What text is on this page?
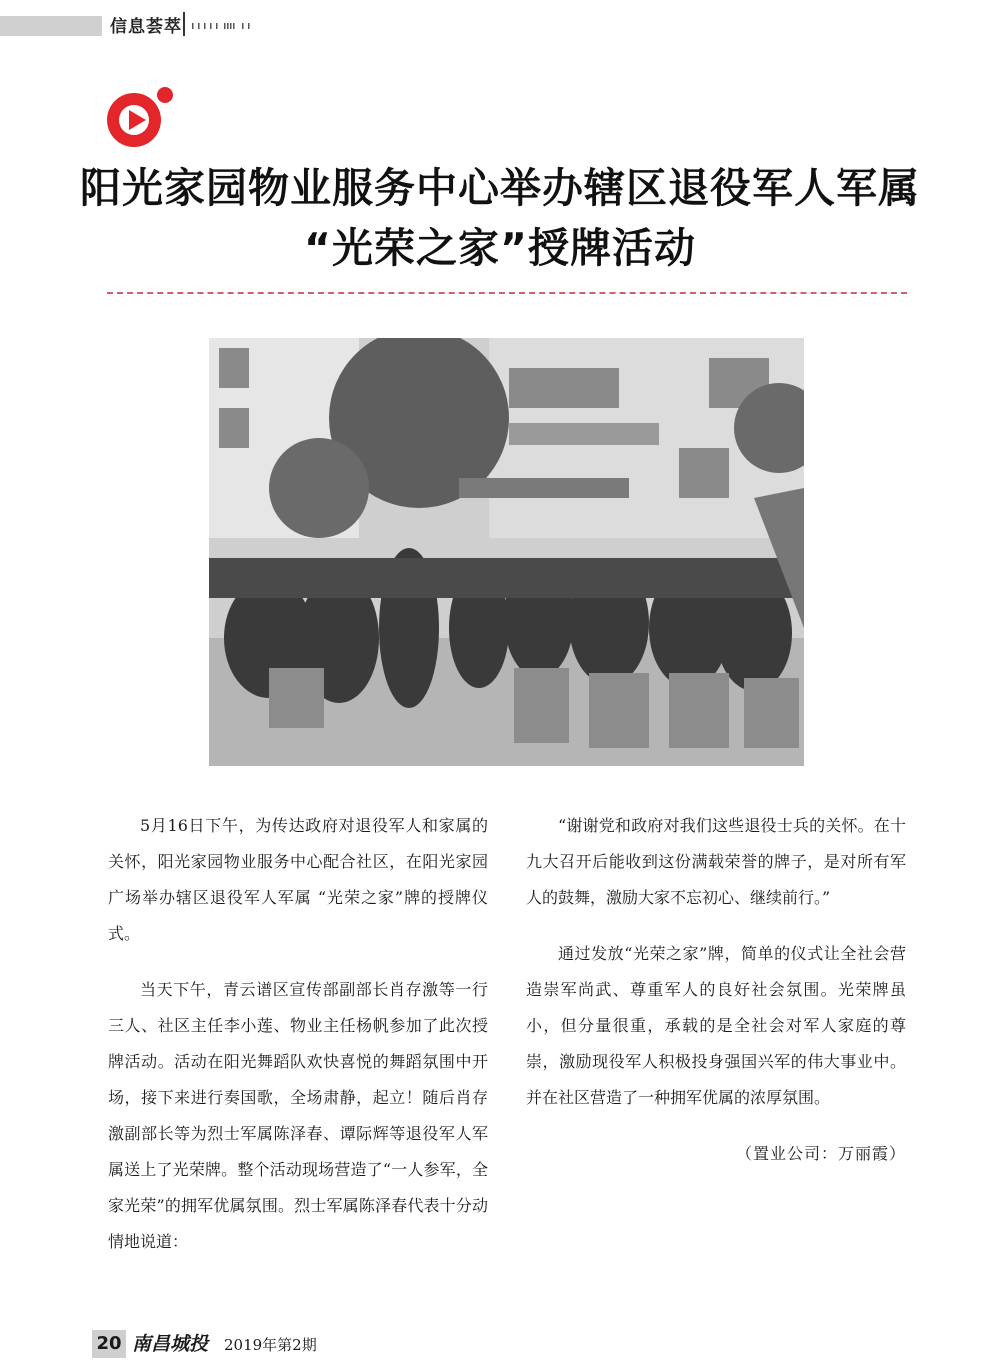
信息荟萃
阳光家园物业服务中心举办辖区退役军人军属
“光荣之家”授牌活动

5月16日下午，为传达政府对退役军人和家属的关怀，阳光家园物业服务中心配合社区，在阳光家园广场举办辖区退役军人军属 “光荣之家”牌的授牌仪式。

当天下午，青云谱区宣传部副部长肖存激等一行三人、社区主任李小莲、物业主任杨帆参加了此次授牌活动。活动在阳光舞蹈队欢快喜悦的舞蹈氛围中开场，接下来进行奏国歌，全场肃静，起立！随后肖存激副部长等为烈士军属陈泽春、谭际辉等退役军人军属送上了光荣牌。整个活动现场营造了“一人参军，全家光荣”的拥军优属氛围。烈士军属陈泽春代表十分动情地说道：

“谢谢党和政府对我们这些退役士兵的关怀。在十九大召开后能收到这份满载荣誉的牌子，是对所有军人的鼓舞，激励大家不忘初心、继续前行。”

通过发放“光荣之家”牌，简单的仪式让全社会营造崇军尚武、尊重军人的良好社会氛围。光荣牌虽小，但分量很重，承载的是全社会对军人家庭的尊崇，激励现役军人积极投身强国兴军的伟大事业中。并在社区营造了一种拥军优属的浓厚氛围。

（置业公司：万丽霞）
20 南昌城投 2019年第2期
